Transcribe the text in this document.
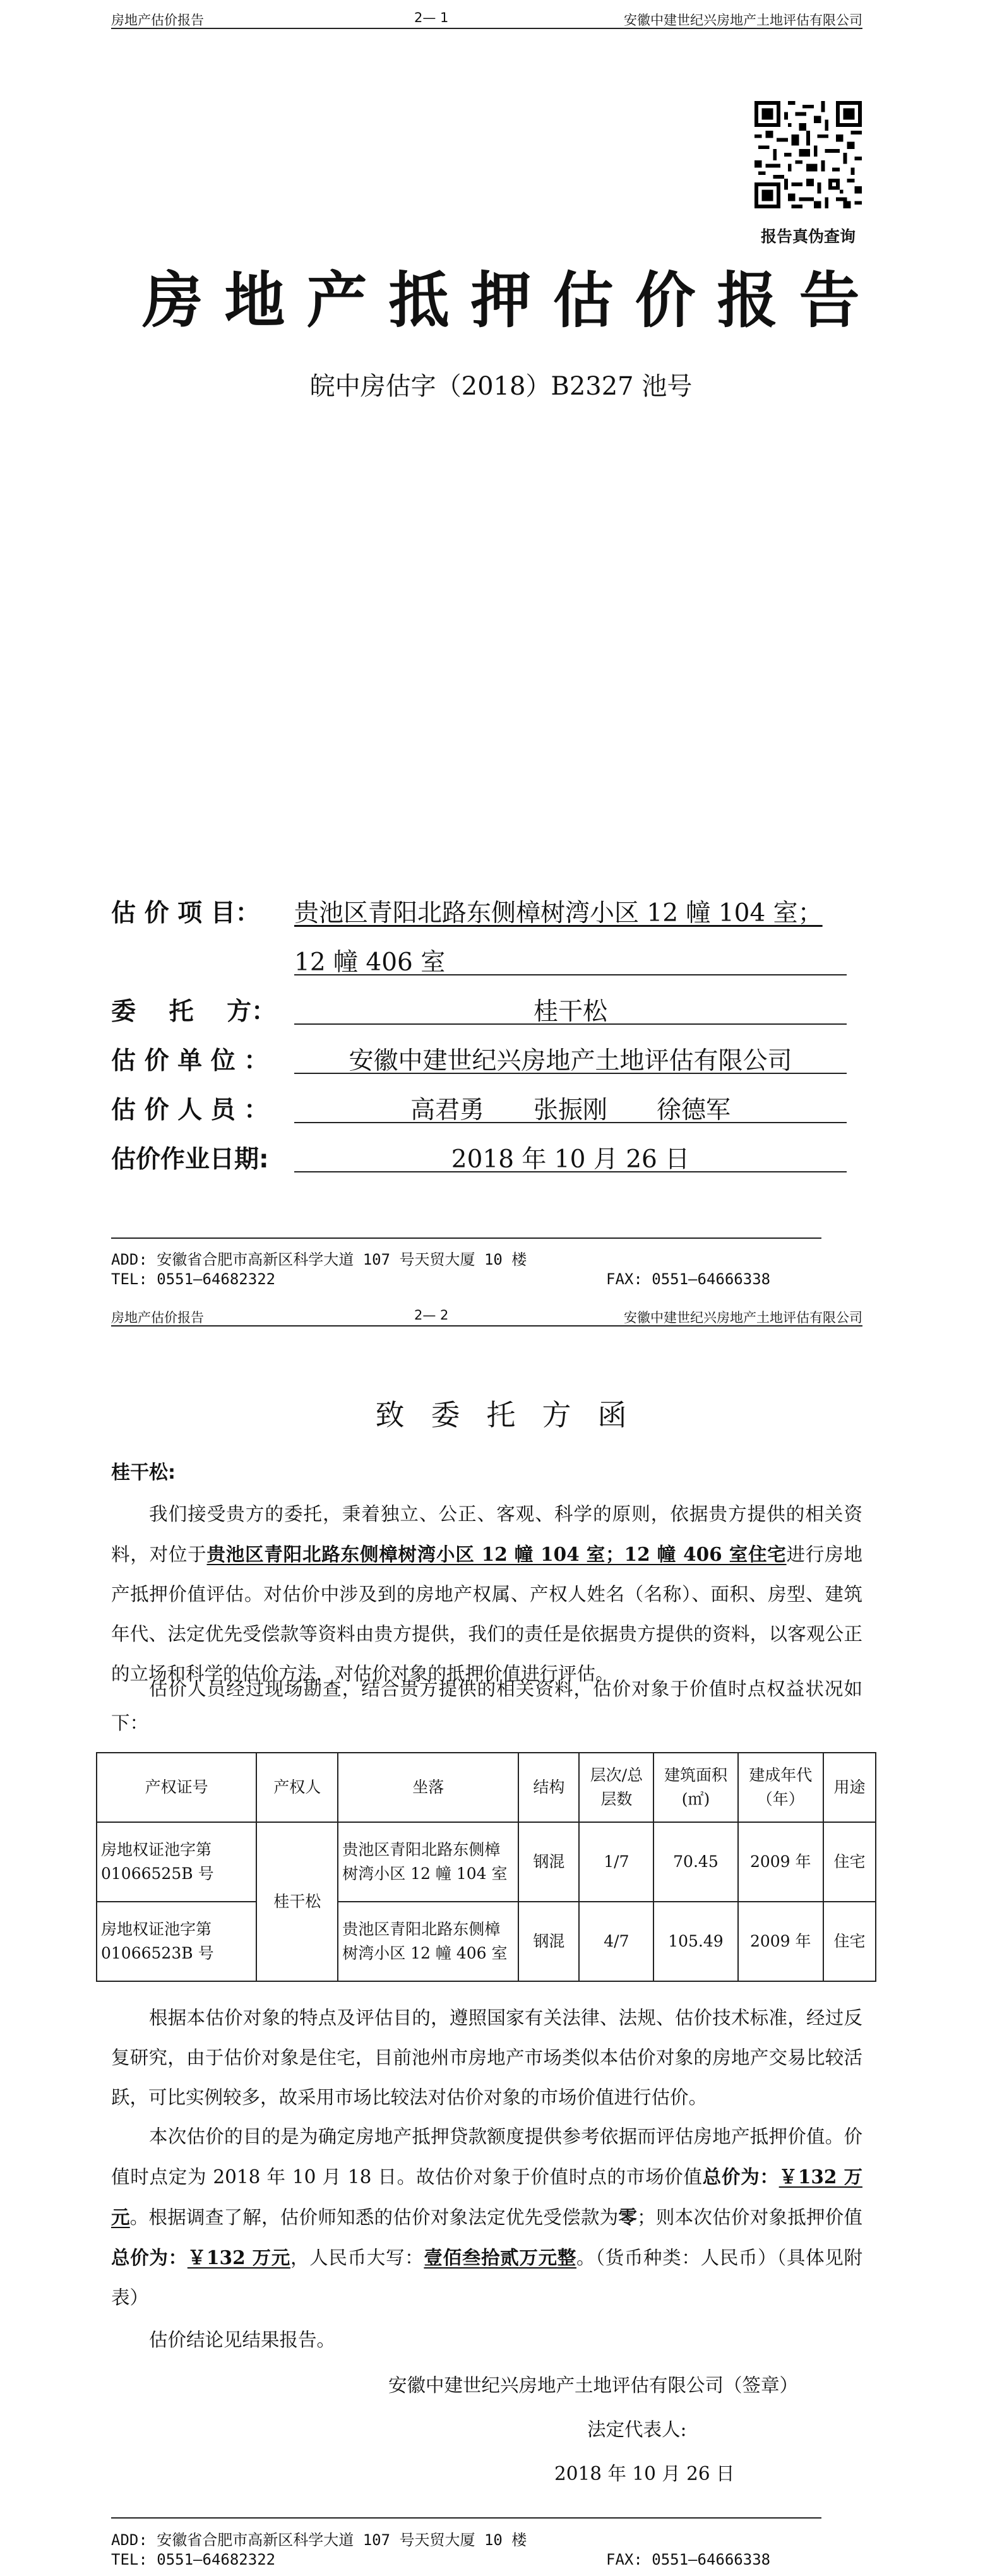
房地产估价报告	2— 1	安徽中建世纪兴房地产土地评估有限公司
报告真伪查询
房地产抵押估价报告
皖中房估字（2018）B2327 池号
估 价 项 目： 贵池区青阳北路东侧樟树湾小区 12 幢 104 室；
12 幢 406 室
委　 托　 方：	桂干松
估 价 单 位 ：	安徽中建世纪兴房地产土地评估有限公司
估 价 人 员 ：	高君勇　　张振刚　　徐德军
估价作业日期:	2018 年 10 月 26 日
ADD: 安徽省合肥市高新区科学大道 107 号天贸大厦 10 楼
TEL: 0551—64682322	FAX: 0551—64666338
房地产估价报告	2— 2	安徽中建世纪兴房地产土地评估有限公司
致委托方函
桂干松:
我们接受贵方的委托，秉着独立、公正、客观、科学的原则，依据贵方提供的相关资料，对位于贵池区青阳北路东侧樟树湾小区 12 幢 104 室；12 幢 406 室住宅进行房地产抵押价值评估。对估价中涉及到的房地产权属、产权人姓名（名称）、面积、房型、建筑年代、法定优先受偿款等资料由贵方提供，我们的责任是依据贵方提供的资料，以客观公正的立场和科学的估价方法，对估价对象的抵押价值进行评估。
估价人员经过现场勘查，结合贵方提供的相关资料，估价对象于价值时点权益状况如下：
产权证号	产权人	坐落	结构	层次/总层数	建筑面积(㎡)	建成年代（年）	用途
房地权证池字第 01066525B 号	桂干松	贵池区青阳北路东侧樟树湾小区 12 幢 104 室	钢混	1/7	70.45	2009 年	住宅
房地权证池字第 01066523B 号		贵池区青阳北路东侧樟树湾小区 12 幢 406 室	钢混	4/7	105.49	2009 年	住宅
根据本估价对象的特点及评估目的，遵照国家有关法律、法规、估价技术标准，经过反复研究，由于估价对象是住宅，目前池州市房地产市场类似本估价对象的房地产交易比较活跃，可比实例较多，故采用市场比较法对估价对象的市场价值进行估价。
本次估价的目的是为确定房地产抵押贷款额度提供参考依据而评估房地产抵押价值。价值时点定为 2018 年 10 月 18 日。故估价对象于价值时点的市场价值总价为：￥132 万元。根据调查了解，估价师知悉的估价对象法定优先受偿款为零；则本次估价对象抵押价值总价为：￥132 万元，人民币大写：壹佰叁拾贰万元整。（货币种类：人民币）（具体见附表）
估价结论见结果报告。
安徽中建世纪兴房地产土地评估有限公司（签章）
法定代表人:
2018 年 10 月 26 日
ADD: 安徽省合肥市高新区科学大道 107 号天贸大厦 10 楼
TEL: 0551—64682322	FAX: 0551—64666338
